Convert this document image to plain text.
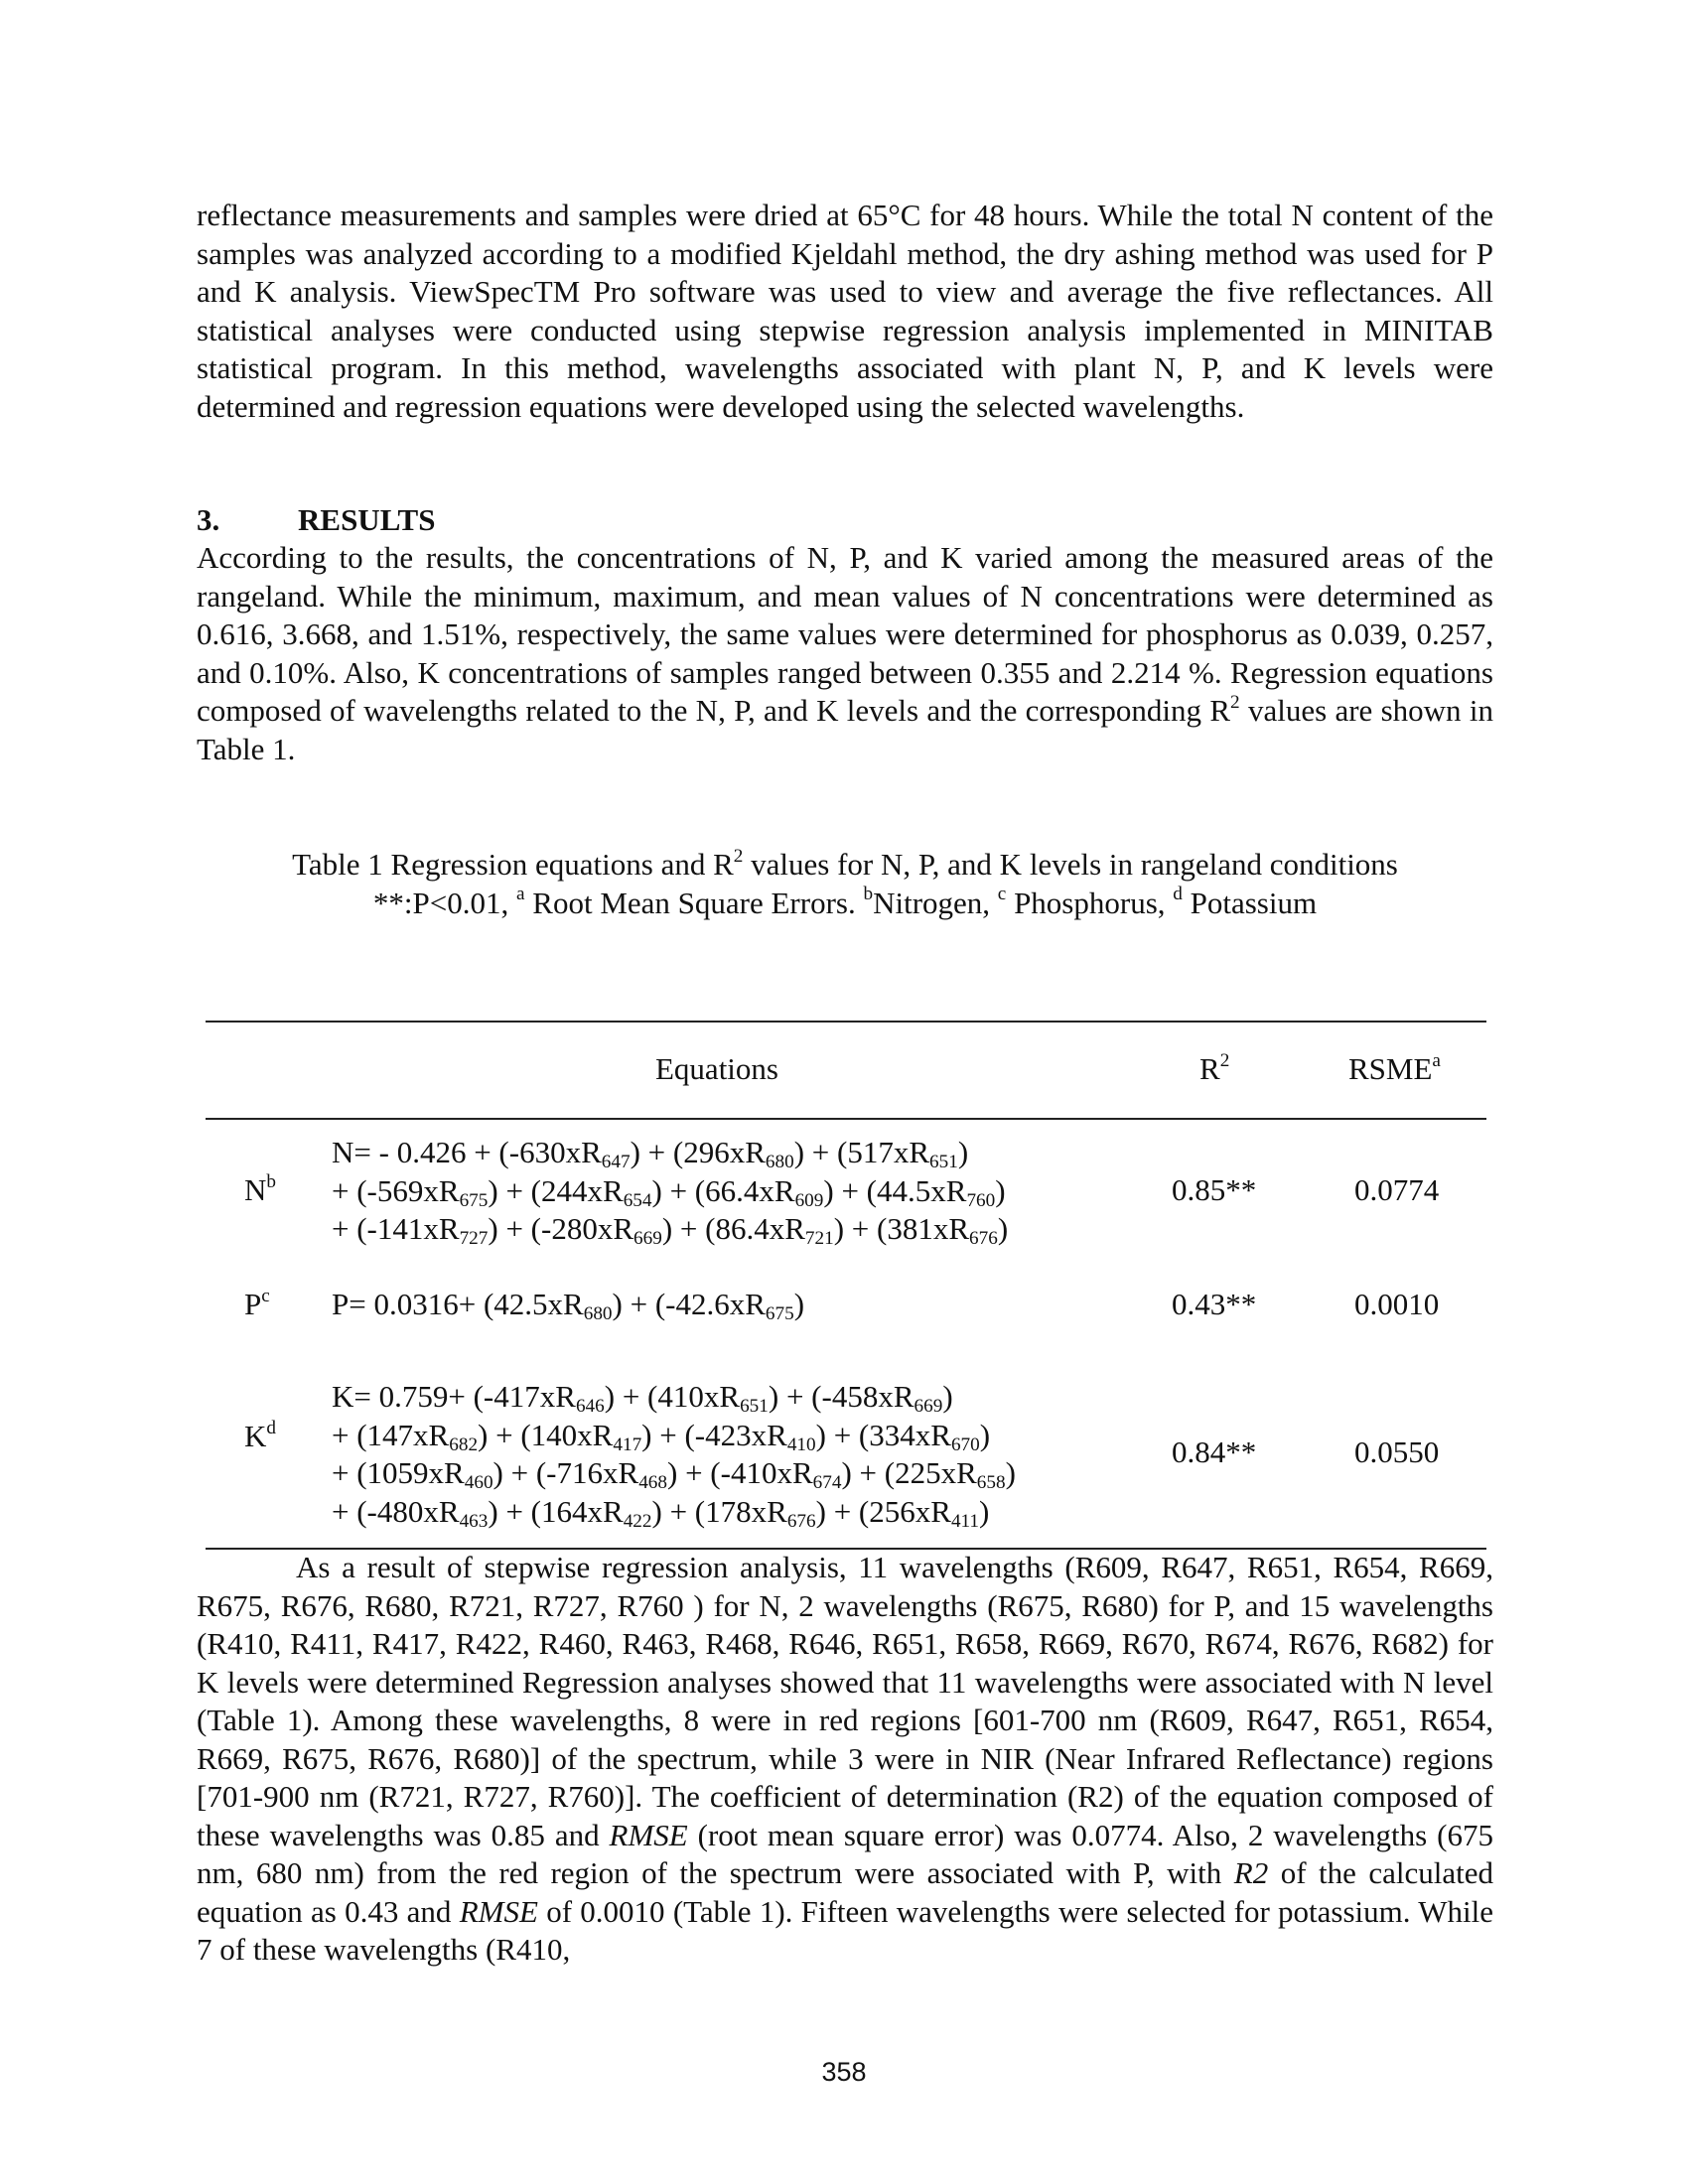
reflectance measurements and samples were dried at 65°C for 48 hours. While the total N content of the samples was analyzed according to a modified Kjeldahl method, the dry ashing method was used for P and K analysis. ViewSpecTM Pro software was used to view and average the five reflectances. All statistical analyses were conducted using stepwise regression analysis implemented in MINITAB statistical program. In this method, wavelengths associated with plant N, P, and K levels were determined and regression equations were developed using the selected wavelengths.

3.	RESULTS

According to the results, the concentrations of N, P, and K varied among the measured areas of the rangeland. While the minimum, maximum, and mean values of N concentrations were determined as 0.616, 3.668, and 1.51%, respectively, the same values were determined for phosphorus as 0.039, 0.257, and 0.10%. Also, K concentrations of samples ranged between 0.355 and 2.214 %. Regression equations composed of wavelengths related to the N, P, and K levels and the corresponding $R^2$ values are shown in Table 1.

Table 1 Regression equations and $R^2$ values for N, P, and K levels in rangeland conditions
**:P<0.01, $^a$ Root Mean Square Errors. $^b$Nitrogen, $^c$ Phosphorus, $^d$ Potassium
Equations	$R^2$	RSME$^a$
$N^b$
$N= - 0.426 + (-630xR_{647}) + (296xR_{680}) + (517xR_{651})$
+ $(-569xR_{675}) + (244xR_{654}) + (66.4xR_{609}) + (44.5xR_{760})$
+ $(-141xR_{727}) + (-280xR_{669}) + (86.4xR_{721}) + (381xR_{676})$
0.85**	0.0774
$P^c$ $P= 0.0316+ (42.5xR_{680}) + (-42.6xR_{675})$	0.43**	0.0010
$K^d$
$K= 0.759+ (-417xR_{646}) + (410xR_{651}) + (-458xR_{669})$
+ $(147xR_{682}) + (140xR_{417}) + (-423xR_{410}) + (334xR_{670})$
+ $(1059xR_{460}) + (-716xR_{468}) + (-410xR_{674}) + (225xR_{658})$
+ $(-480xR_{463}) + (164xR_{422}) + (178xR_{676}) + (256xR_{411})$
0.84**	0.0550

As a result of stepwise regression analysis, 11 wavelengths (R609, R647, R651, R654, R669, R675, R676, R680, R721, R727, R760 ) for N, 2 wavelengths (R675, R680) for P, and 15 wavelengths (R410, R411, R417, R422, R460, R463, R468, R646, R651, R658, R669, R670, R674, R676, R682) for K levels were determined Regression analyses showed that 11 wavelengths were associated with N level (Table 1). Among these wavelengths, 8 were in red regions [601-700 nm (R609, R647, R651, R654, R669, R675, R676, R680)] of the spectrum, while 3 were in NIR (Near Infrared Reflectance) regions [701-900 nm (R721, R727, R760)]. The coefficient of determination (R2) of the equation composed of these wavelengths was 0.85 and RMSE (root mean square error) was 0.0774. Also, 2 wavelengths (675 nm, 680 nm) from the red region of the spectrum were associated with P, with R2 of the calculated equation as 0.43 and RMSE of 0.0010 (Table 1). Fifteen wavelengths were selected for potassium. While 7 of these wavelengths (R410,

358
